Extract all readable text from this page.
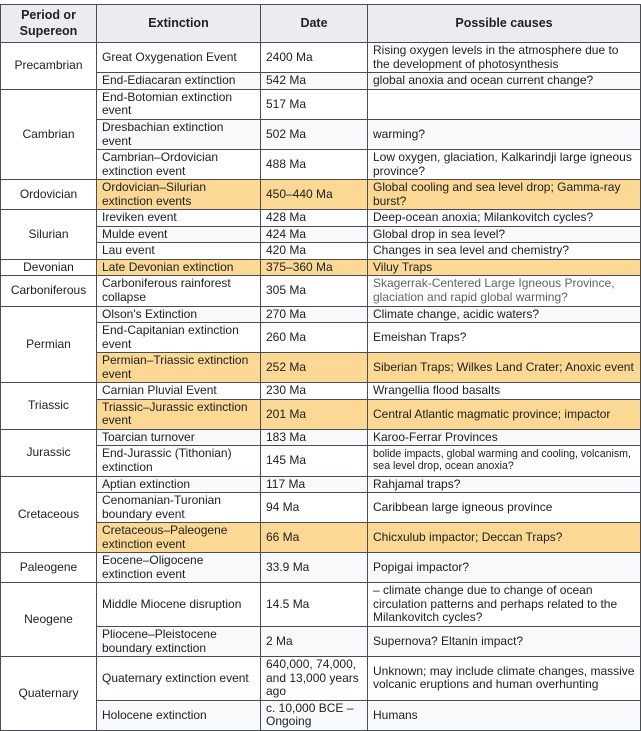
Period or Supereon	Extinction	Date	Possible causes
Precambrian	Great Oxygenation Event	2400 Ma	Rising oxygen levels in the atmosphere due to the development of photosynthesis
	End-Ediacaran extinction	542 Ma	global anoxia and ocean current change?
Cambrian	End-Botomian extinction event	517 Ma	
	Dresbachian extinction event	502 Ma	warming?
	Cambrian–Ordovician extinction event	488 Ma	Low oxygen, glaciation, Kalkarindji large igneous province?
Ordovician	Ordovician–Silurian extinction events	450–440 Ma	Global cooling and sea level drop; Gamma-ray burst?
Silurian	Ireviken event	428 Ma	Deep-ocean anoxia; Milankovitch cycles?
	Mulde event	424 Ma	Global drop in sea level?
	Lau event	420 Ma	Changes in sea level and chemistry?
Devonian	Late Devonian extinction	375–360 Ma	Viluy Traps
Carboniferous	Carboniferous rainforest collapse	305 Ma	Skagerrak-Centered Large Igneous Province, glaciation and rapid global warming?
Permian	Olson's Extinction	270 Ma	Climate change, acidic waters?
	End-Capitanian extinction event	260 Ma	Emeishan Traps?
	Permian–Triassic extinction event	252 Ma	Siberian Traps; Wilkes Land Crater; Anoxic event
Triassic	Carnian Pluvial Event	230 Ma	Wrangellia flood basalts
	Triassic–Jurassic extinction event	201 Ma	Central Atlantic magmatic province; impactor
Jurassic	Toarcian turnover	183 Ma	Karoo-Ferrar Provinces
	End-Jurassic (Tithonian) extinction	145 Ma	bolide impacts, global warming and cooling, volcanism, sea level drop, ocean anoxia?
Cretaceous	Aptian extinction	117 Ma	Rahjamal traps?
	Cenomanian-Turonian boundary event	94 Ma	Caribbean large igneous province
	Cretaceous–Paleogene extinction event	66 Ma	Chicxulub impactor; Deccan Traps?
Paleogene	Eocene–Oligocene extinction event	33.9 Ma	Popigai impactor?
Neogene	Middle Miocene disruption	14.5 Ma	– climate change due to change of ocean circulation patterns and perhaps related to the Milankovitch cycles?
	Pliocene–Pleistocene boundary extinction	2 Ma	Supernova? Eltanin impact?
Quaternary	Quaternary extinction event	640,000, 74,000, and 13,000 years ago	Unknown; may include climate changes, massive volcanic eruptions and human overhunting
	Holocene extinction	c. 10,000 BCE – Ongoing	Humans
